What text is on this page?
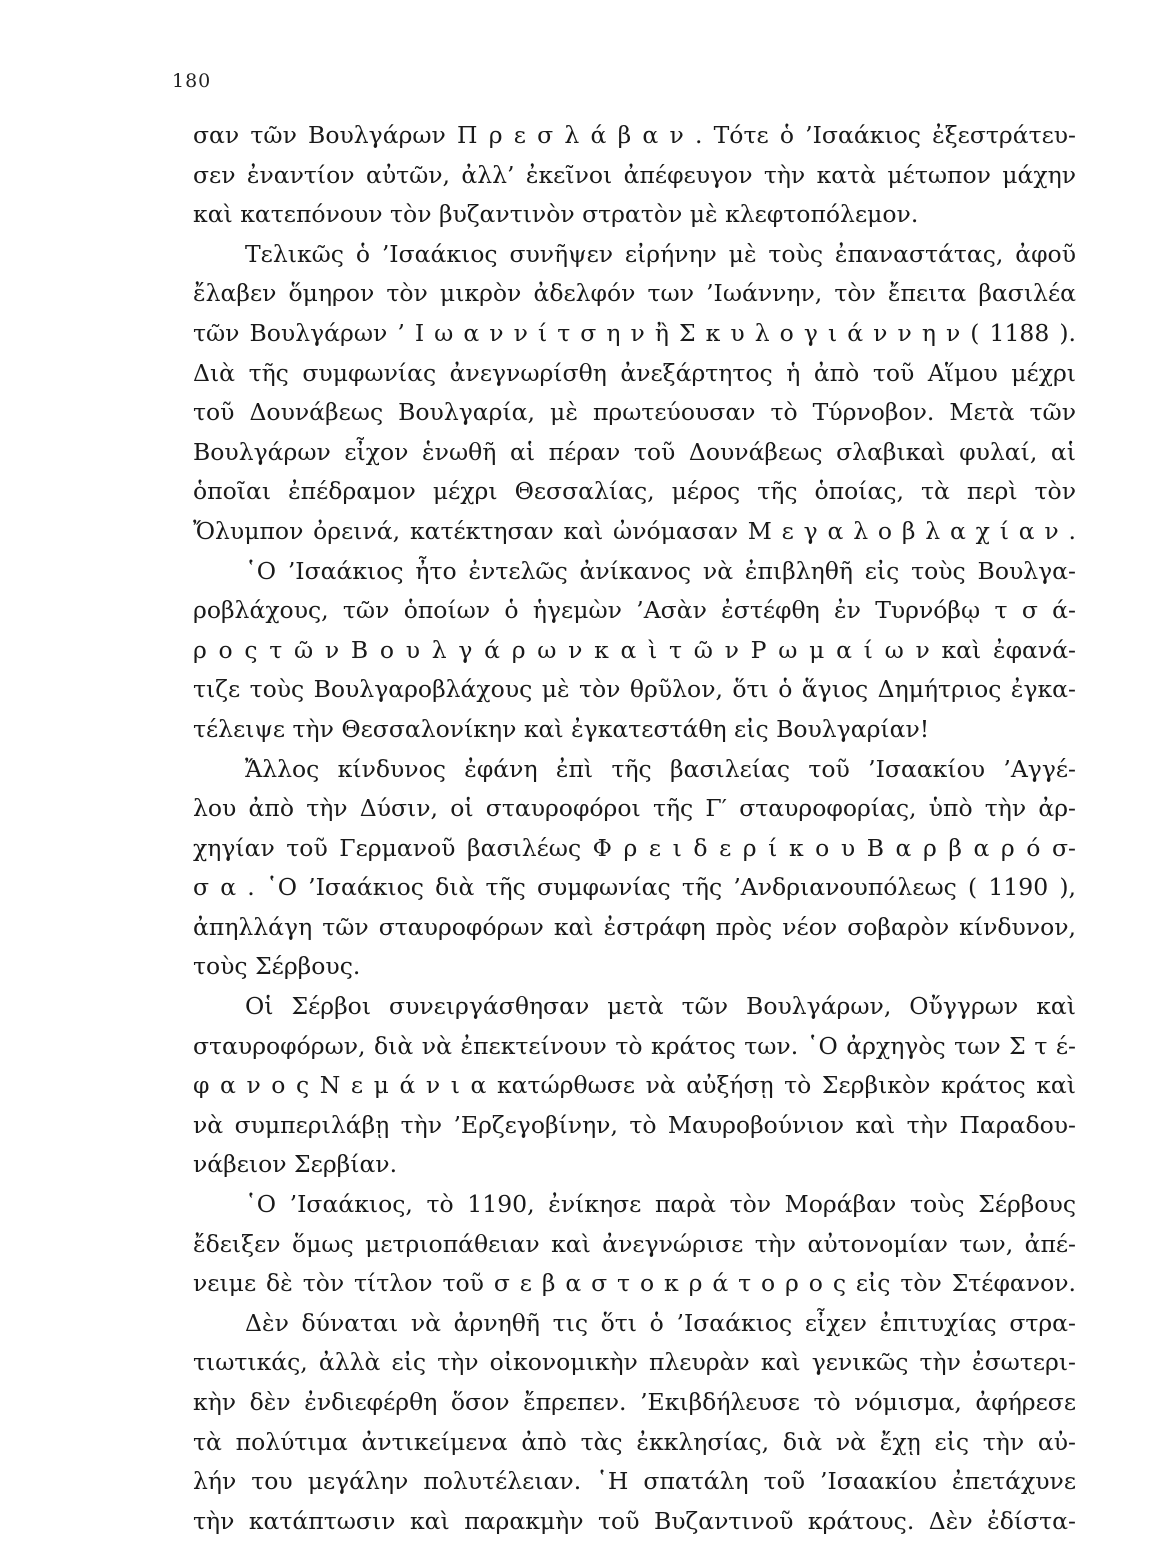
180
σαν τῶν Βουλγάρων Π ρ ε σ λ ά β α ν . Τότε ὁ ’Ισαάκιος ἐξεστράτευ-
σεν ἐναντίον αὐτῶν, ἀλλ’ ἐκεῖνοι ἀπέφευγον τὴν κατὰ μέτωπον μάχην
καὶ κατεπόνουν τὸν βυζαντινὸν στρατὸν μὲ κλεφτοπόλεμον.
Τελικῶς ὁ ’Ισαάκιος συνῆψεν εἰρήνην μὲ τοὺς ἐπαναστάτας, ἀφοῦ
ἔλαβεν ὅμηρον τὸν μικρὸν ἀδελφόν των ’Ιωάννην, τὸν ἔπειτα βασιλέα
τῶν Βουλγάρων ’ Ι ω α ν ν ί τ σ η ν ἢ Σ κ υ λ ο γ ι ά ν ν η ν ( 1188 ).
Διὰ τῆς συμφωνίας ἀνεγνωρίσθη ἀνεξάρτητος ἡ ἀπὸ τοῦ Αἵμου μέχρι
τοῦ Δουνάβεως Βουλγαρία, μὲ πρωτεύουσαν τὸ Τύρνοβον. Μετὰ τῶν
Βουλγάρων εἶχον ἑνωθῆ αἱ πέραν τοῦ Δουνάβεως σλαβικαὶ φυλαί, αἱ
ὁποῖαι ἐπέδραμον μέχρι Θεσσαλίας, μέρος τῆς ὁποίας, τὰ περὶ τὸν
Ὄλυμπον ὀρεινά, κατέκτησαν καὶ ὠνόμασαν Μ ε γ α λ ο β λ α χ ί α ν .
῾Ο ’Ισαάκιος ἦτο ἐντελῶς ἀνίκανος νὰ ἐπιβληθῆ εἰς τοὺς Βουλγα-
ροβλάχους, τῶν ὁποίων ὁ ἡγεμὼν ’Ασὰν ἐστέφθη ἐν Τυρνόβῳ τ σ ά-
ρ ο ς τ ῶ ν Β ο υ λ γ ά ρ ω ν κ α ὶ τ ῶ ν Ρ ω μ α ί ω ν καὶ ἐφανά-
τιζε τοὺς Βουλγαροβλάχους μὲ τὸν θρῦλον, ὅτι ὁ ἅγιος Δημήτριος ἐγκα-
τέλειψε τὴν Θεσσαλονίκην καὶ ἐγκατεστάθη εἰς Βουλγαρίαν!
Ἄλλος κίνδυνος ἐφάνη ἐπὶ τῆς βασιλείας τοῦ ’Ισαακίου ’Αγγέ-
λου ἀπὸ τὴν Δύσιν, οἱ σταυροφόροι τῆς Γ′ σταυροφορίας, ὑπὸ τὴν ἀρ-
χηγίαν τοῦ Γερμανοῦ βασιλέως Φ ρ ε ι δ ε ρ ί κ ο υ Β α ρ β α ρ ό σ-
σ α . ῾Ο ’Ισαάκιος διὰ τῆς συμφωνίας τῆς ’Ανδριανουπόλεως ( 1190 ),
ἀπηλλάγη τῶν σταυροφόρων καὶ ἐστράφη πρὸς νέον σοβαρὸν κίνδυνον,
τοὺς Σέρβους.
Οἱ Σέρβοι συνειργάσθησαν μετὰ τῶν Βουλγάρων, Οὔγγρων καὶ
σταυροφόρων, διὰ νὰ ἐπεκτείνουν τὸ κράτος των. ῾Ο ἀρχηγὸς των Σ τ έ-
φ α ν ο ς Ν ε μ ά ν ι α κατώρθωσε νὰ αὐξήσῃ τὸ Σερβικὸν κράτος καὶ
νὰ συμπεριλάβῃ τὴν ’Ερζεγοβίνην, τὸ Μαυροβούνιον καὶ τὴν Παραδου-
νάβειον Σερβίαν.
῾Ο ’Ισαάκιος, τὸ 1190, ἐνίκησε παρὰ τὸν Μοράβαν τοὺς Σέρβους
ἔδειξεν ὅμως μετριοπάθειαν καὶ ἀνεγνώρισε τὴν αὐτονομίαν των, ἀπέ-
νειμε δὲ τὸν τίτλον τοῦ σ ε β α σ τ ο κ ρ ά τ ο ρ ο ς εἰς τὸν Στέφανον.
Δὲν δύναται νὰ ἀρνηθῆ τις ὅτι ὁ ’Ισαάκιος εἶχεν ἐπιτυχίας στρα-
τιωτικάς, ἀλλὰ εἰς τὴν οἰκονομικὴν πλευρὰν καὶ γενικῶς τὴν ἐσωτερι-
κὴν δὲν ἐνδιεφέρθη ὅσον ἔπρεπεν. ’Εκιβδήλευσε τὸ νόμισμα, ἀφήρεσε
τὰ πολύτιμα ἀντικείμενα ἀπὸ τὰς ἐκκλησίας, διὰ νὰ ἔχῃ εἰς τὴν αὐ-
λήν του μεγάλην πολυτέλειαν. ῾Η σπατάλη τοῦ ’Ισαακίου ἐπετάχυνε
τὴν κατάπτωσιν καὶ παρακμὴν τοῦ Βυζαντινοῦ κράτους. Δὲν ἐδίστα-
